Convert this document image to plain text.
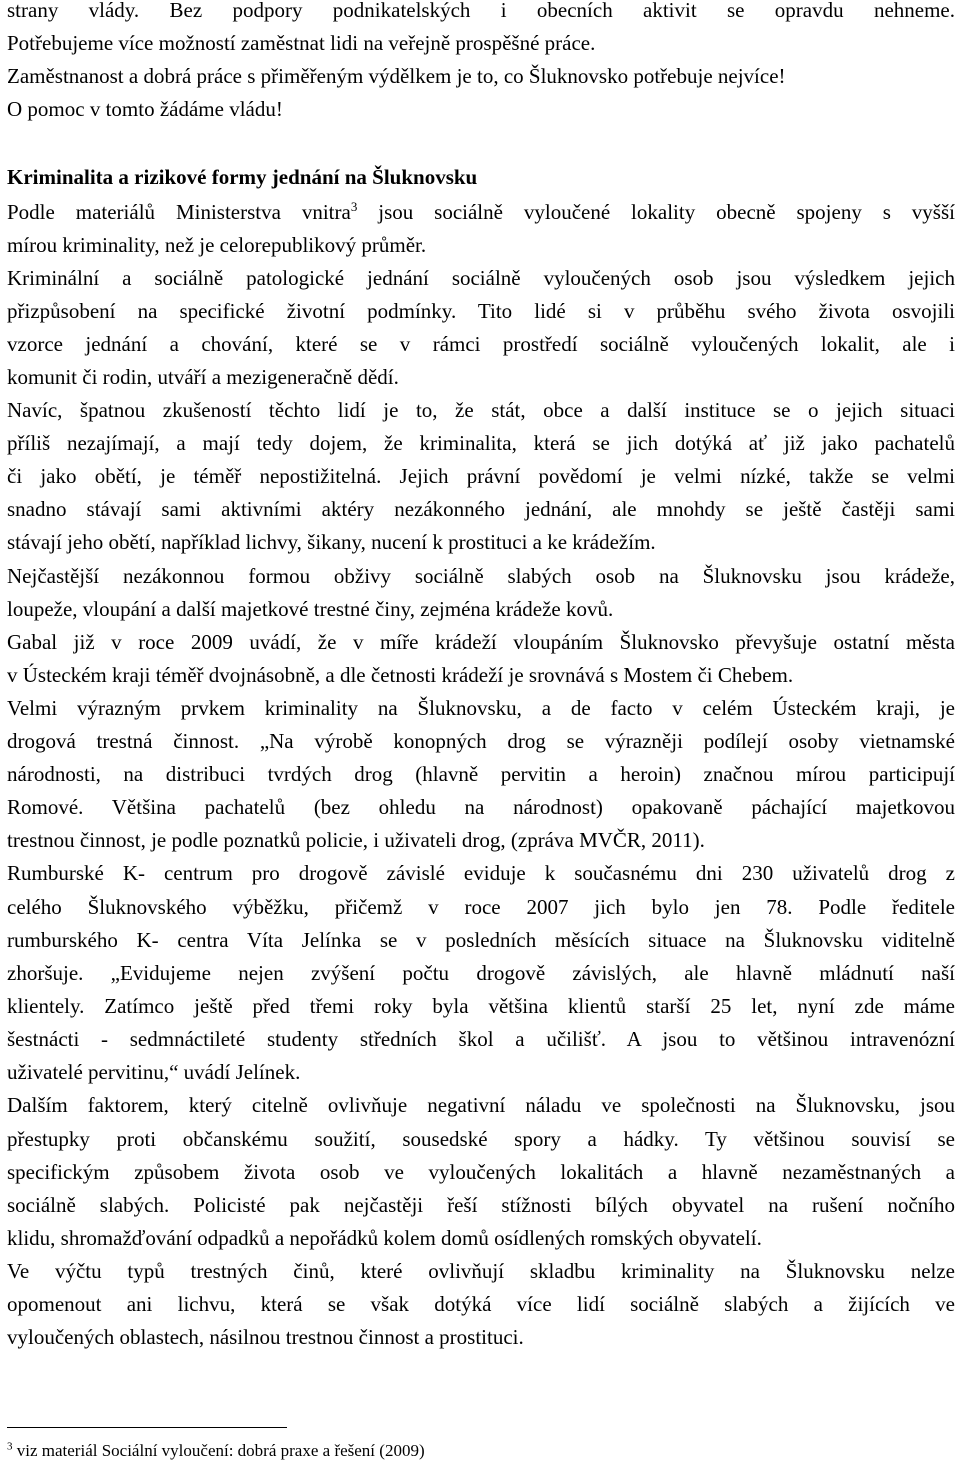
strany vlády. Bez podpory podnikatelských i obecních aktivit se opravdu nehneme.
Potřebujeme více možností zaměstnat lidi na veřejně prospěšné práce.
Zaměstnanost a dobrá práce s přiměřeným výdělkem je to, co Šluknovsko potřebuje nejvíce!
O pomoc v tomto žádáme vládu!
Kriminalita a rizikové formy jednání na Šluknovsku
Podle materiálů Ministerstva vnitra$^3$ jsou sociálně vyloučené lokality obecně spojeny s vyšší
mírou kriminality, než je celorepublikový průměr.
Kriminální a sociálně patologické jednání sociálně vyloučených osob jsou výsledkem jejich
přizpůsobení na specifické životní podmínky. Tito lidé si v průběhu svého života osvojili
vzorce jednání a chování, které se v rámci prostředí sociálně vyloučených lokalit, ale i
komunit či rodin, utváří a mezigeneračně dědí.
Navíc, špatnou zkušeností těchto lidí je to, že stát, obce a další instituce se o jejich situaci
příliš nezajímají, a mají tedy dojem, že kriminalita, která se jich dotýká ať již jako pachatelů
či jako obětí, je téměř nepostižitelná. Jejich právní povědomí je velmi nízké, takže se velmi
snadno stávají sami aktivními aktéry nezákonného jednání, ale mnohdy se ještě častěji sami
stávají jeho obětí, například lichvy, šikany, nucení k prostituci a ke krádežím.
Nejčastější nezákonnou formou obživy sociálně slabých osob na Šluknovsku jsou krádeže,
loupeže, vloupání a další majetkové trestné činy, zejména krádeže kovů.
Gabal již v roce 2009 uvádí, že v míře krádeží vloupáním Šluknovsko převyšuje ostatní města
v Ústeckém kraji téměř dvojnásobně, a dle četnosti krádeží je srovnává s Mostem či Chebem.
Velmi výrazným prvkem kriminality na Šluknovsku, a de facto v celém Ústeckém kraji, je
drogová trestná činnost. „Na výrobě konopných drog se výrazněji podílejí osoby vietnamské
národnosti, na distribuci tvrdých drog (hlavně pervitin a heroin) značnou mírou participují
Romové. Většina pachatelů (bez ohledu na národnost) opakovaně páchající majetkovou
trestnou činnost, je podle poznatků policie, i uživateli drog, (zpráva MVČR, 2011).
Rumburské K- centrum pro drogově závislé eviduje k současnému dni 230 uživatelů drog z
celého Šluknovského výběžku, přičemž v roce 2007 jich bylo jen 78. Podle ředitele
rumburského K- centra Víta Jelínka se v posledních měsících situace na Šluknovsku viditelně
zhoršuje. „Evidujeme nejen zvýšení počtu drogově závislých, ale hlavně mládnutí naší
klientely. Zatímco ještě před třemi roky byla většina klientů starší 25 let, nyní zde máme
šestnácti - sedmnáctileté studenty středních škol a učilišť. A jsou to většinou intravenózní
uživatelé pervitinu,“ uvádí Jelínek.
Dalším faktorem, který citelně ovlivňuje negativní náladu ve společnosti na Šluknovsku, jsou
přestupky proti občanskému soužití, sousedské spory a hádky. Ty většinou souvisí se
specifickým způsobem života osob ve vyloučených lokalitách a hlavně nezaměstnaných a
sociálně slabých. Policisté pak nejčastěji řeší stížnosti bílých obyvatel na rušení nočního
klidu, shromažďování odpadků a nepořádků kolem domů osídlených romských obyvatelí.
Ve výčtu typů trestných činů, které ovlivňují skladbu kriminality na Šluknovsku nelze
opomenout ani lichvu, která se však dotýká více lidí sociálně slabých a žijících ve
vyloučených oblastech, násilnou trestnou činnost a prostituci.
$^3$ viz materiál Sociální vyloučení: dobrá praxe a řešení (2009)
